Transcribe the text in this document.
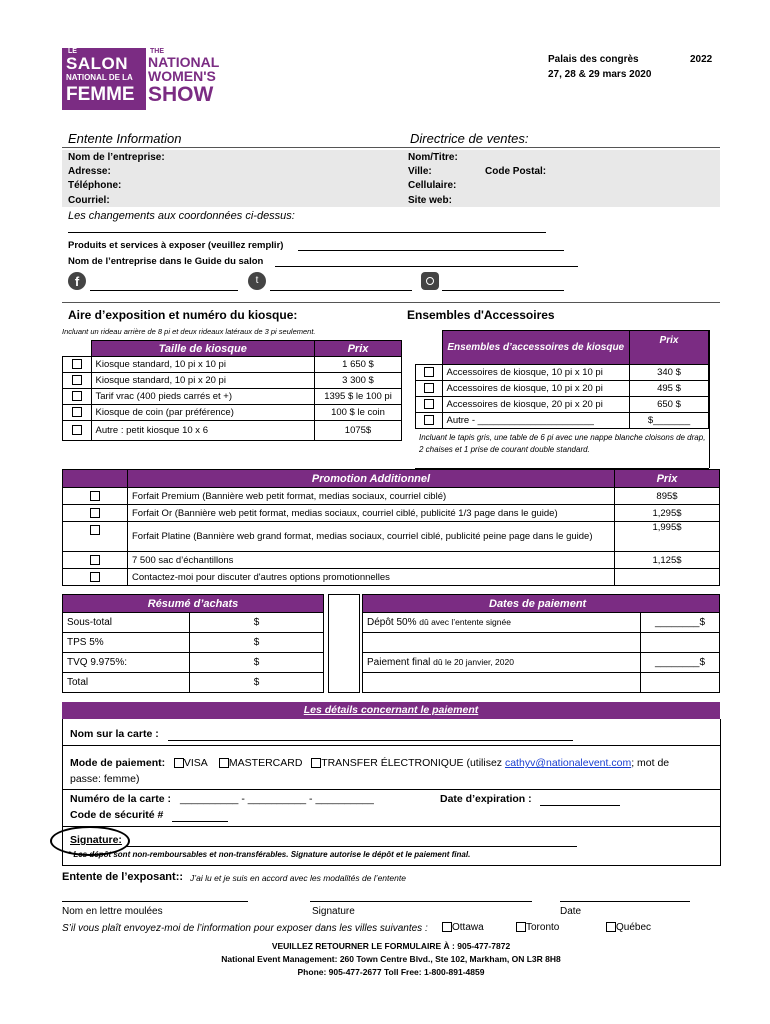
LE
SALON
NATIONAL DE LA
FEMME
THE
NATIONAL
WOMEN'S
SHOW
Palais des congrès
27, 28 & 29 mars 2020
2022
Entente Information	Directrice de ventes:
Nom de l’entreprise:
Adresse:
Téléphone:
Courriel:
Nom/Titre:
Ville:	Code Postal:
Cellulaire:
Site web:
Les changements aux coordonnées ci-dessus:
Produits et services à exposer (veuillez remplir)
Nom de l’entreprise dans le Guide du salon
f	t
Aire d’exposition et numéro du kiosque:
Incluant un rideau arrière de 8 pi et deux rideaux latéraux de 3 pi seulement.
	Taille de kiosque	Prix
	Kiosque standard, 10 pi x 10 pi	1 650 $
	Kiosque standard, 10 pi x 20 pi	3 300 $
	Tarif vrac (400 pieds carrés et +)	1395 $ le 100 pi
	Kiosque de coin (par préférence)	100 $ le coin
	Autre : petit kiosque 10 x 6	1075$
Ensembles d'Accessoires
	Ensembles d’accessoires de kiosque	Prix
	Accessoires de kiosque, 10 pi x 10 pi	340 $
	Accessoires de kiosque, 10 pi x 20 pi	495 $
	Accessoires de kiosque, 20 pi x 20 pi	650 $
	Autre - ______________________	$_______
Incluant le tapis gris, une table de 6 pi avec une nappe blanche cloisons de drap, 2 chaises et 1 prise de courant double standard.
	Promotion Additionnel	Prix
	Forfait Premium (Bannière web petit format, medias sociaux, courriel ciblé)	895$
	Forfait Or (Bannière web petit format, medias sociaux, courriel ciblé, publicité 1/3 page dans le guide)	1,295$
	Forfait Platine (Bannière web grand format, medias sociaux, courriel ciblé, publicité peine page dans le guide)	1,995$
	7 500 sac d’échantillons	1,125$
	Contactez-moi pour discuter d'autres options promotionnelles	
Résumé d’achats	
Sous-total	$
TPS 5%	$
TVQ 9.975%:	$
Total	$
Dates de paiement	
Dépôt 50% dû avec l’entente signée	________$

Paiement final dû le 20 janvier, 2020	________$

Les détails concernant le paiement
Nom sur la carte :
Mode de paiement: VISA MASTERCARD TRANSFER ÉLECTRONIQUE (utilisez cathyv@nationalevent.com; mot de
passe: femme)
Numéro de la carte : __________ - __________ - __________	Date d’expiration :
Code de sécurité #
Signature:
* Les dépôt sont non-remboursables et non-transférables. Signature autorise le dépôt et le paiement final.
Entente de l’exposant:: J’ai lu et je suis en accord avec les modalités de l’entente
Nom en lettre moulées	Signature	Date
S’il vous plaît envoyez-moi de l’information pour exposer dans les villes suivantes :	Ottawa	Toronto	Québec
VEUILLEZ RETOURNER LE FORMULAIRE À : 905-477-7872
National Event Management: 260 Town Centre Blvd., Ste 102, Markham, ON L3R 8H8
Phone: 905-477-2677 Toll Free: 1-800-891-4859
